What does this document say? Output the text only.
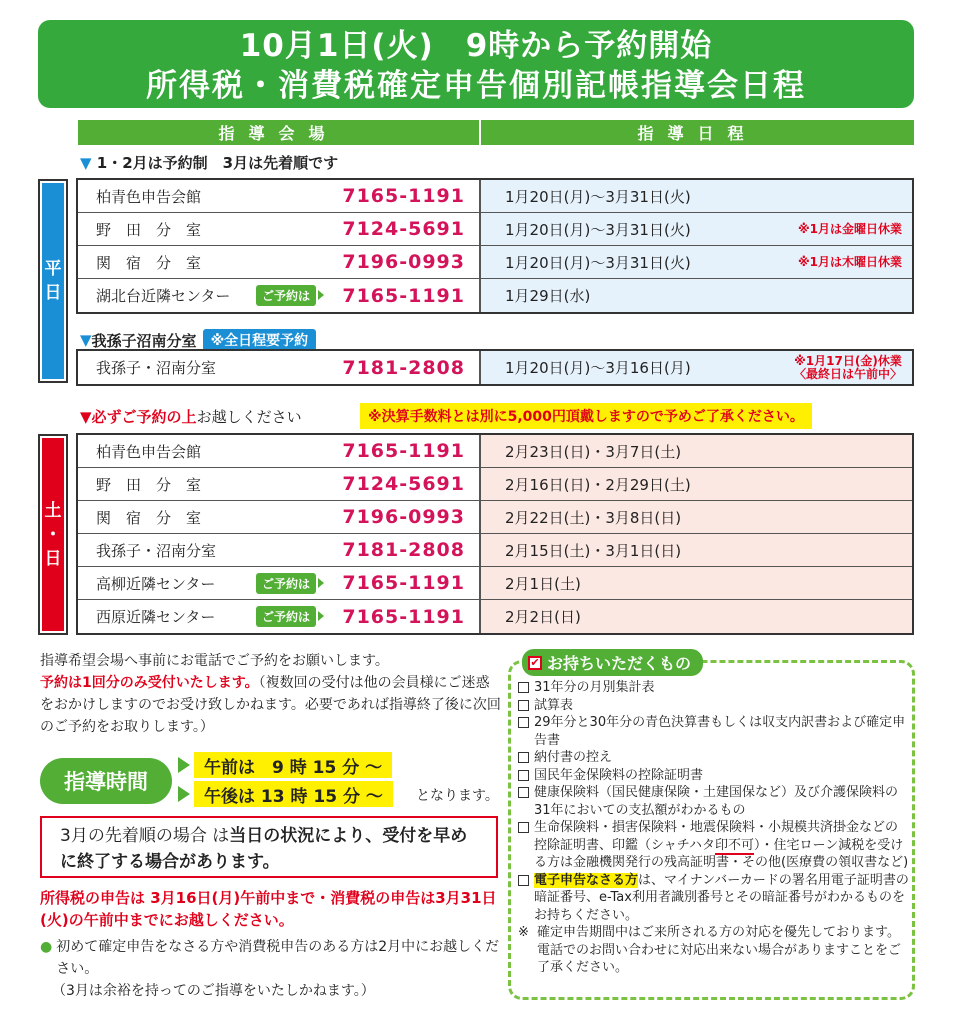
10月1日(火)　9時から予約開始
所得税・消費税確定申告個別記帳指導会日程
指導会場	指導日程
▼ 1・2月は予約制　3月は先着順です
平
日
柏青色申告会館	7165-1191	1月20日(月)～3月31日(火)
野　田　分　室	7124-5691	1月20日(月)～3月31日(火)	※1月は金曜日休業
関　宿　分　室	7196-0993	1月20日(月)～3月31日(火)	※1月は木曜日休業
湖北台近隣センター	ご予約は	7165-1191	1月29日(水)
▼ 我孫子沼南分室	※全日程要予約
我孫子・沼南分室	7181-2808	1月20日(月)～3月16日(月)	※1月17日(金)休業
〈最終日は午前中〉
▼必ずご予約の上お越しください	※決算手数料とは別に5,000円頂戴しますので予めご了承ください。
土
・
日
柏青色申告会館	7165-1191	2月23日(日)・3月7日(土)
野　田　分　室	7124-5691	2月16日(日)・2月29日(土)
関　宿　分　室	7196-0993	2月22日(土)・3月8日(日)
我孫子・沼南分室	7181-2808	2月15日(土)・3月1日(日)
高柳近隣センター	ご予約は	7165-1191	2月1日(土)
西原近隣センター	ご予約は	7165-1191	2月2日(日)
指導希望会場へ事前にお電話でご予約をお願いします。
予約は1回分のみ受付いたします。（複数回の受付は他の会員様にご迷惑をおかけしますのでお受け致しかねます。必要であれば指導終了後に次回のご予約をお取りします。）
指導時間
午前は　9 時 15 分 ～
午後は 13 時 15 分 ～	となります。
3月の先着順の場合 は当日の状況により、受付を早めに終了する場合があります。
所得税の申告は 3月16日(月)午前中まで・消費税の申告は3月31日(火)の午前中までにお越しください。
● 初めて確定申告をなさる方や消費税申告のある方は2月中にお越しください。
（3月は余裕を持ってのご指導をいたしかねます。）
✔ お持ちいただくもの
31年分の月別集計表
試算表
29年分と30年分の青色決算書もしくは収支内訳書および確定申告書
納付書の控え
国民年金保険料の控除証明書
健康保険料（国民健康保険・土建国保など）及び介護保険料の31年においての支払額がわかるもの
生命保険料・損害保険料・地震保険料・小規模共済掛金などの控除証明書、印鑑（シャチハタ印不可）・住宅ローン減税を受ける方は金融機関発行の残高証明書・その他(医療費の領収書など)
電子申告なさる方は、マイナンバーカードの署名用電子証明書の暗証番号、e-Tax利用者識別番号とその暗証番号がわかるものをお持ちください。
※ 確定申告期間中はご来所される方の対応を優先しております。電話でのお問い合わせに対応出来ない場合がありますことをご了承ください。
